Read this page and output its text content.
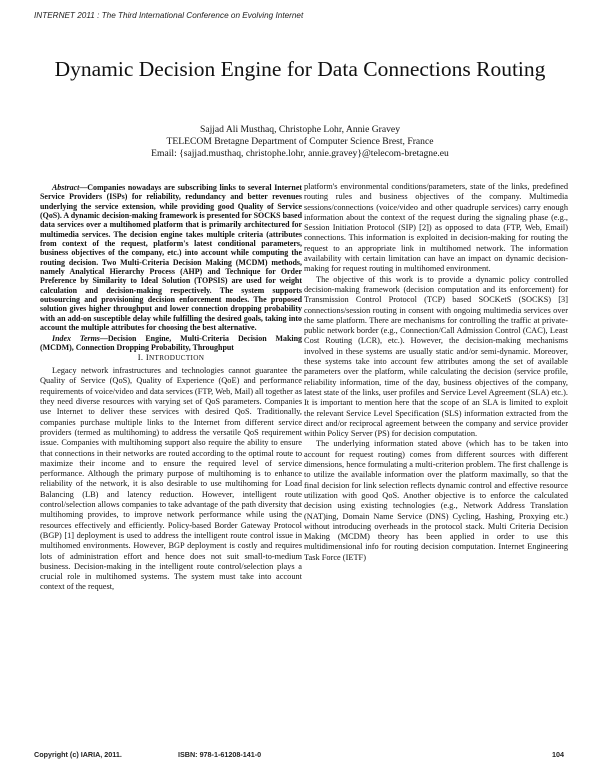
INTERNET 2011 : The Third International Conference on Evolving Internet
Dynamic Decision Engine for Data Connections Routing
Sajjad Ali Musthaq, Christophe Lohr, Annie Gravey
TELECOM Bretagne Department of Computer Science Brest, France
Email: {sajjad.musthaq, christophe.lohr, annie.gravey}@telecom-bretagne.eu

Abstract—Companies nowadays are subscribing links to several Internet Service Providers (ISPs) for reliability, redundancy and better revenues underlying the service extension, while providing good Quality of Service (QoS). A dynamic decision-making framework is presented for SOCKS based data services over a multihomed platform that is primarily architectured for multimedia services. The decision engine takes multiple criteria (attributes from context of the request, platform's latest conditional parameters, business objectives of the company, etc.) into account while computing the routing decision. Two Multi-Criteria Decision Making (MCDM) methods, namely Analytical Hierarchy Process (AHP) and Technique for Order Preference by Similarity to Ideal Solution (TOPSIS) are used for weight calculation and decision-making respectively. The system supports outsourcing and provisioning decision enforcement modes. The proposed solution gives higher throughput and lower connection dropping probability with an add-on susceptible delay while fulfilling the desired goals, taking into account the multiple attributes for choosing the best alternative.

Index Terms—Decision Engine, Multi-Criteria Decision Making (MCDM), Connection Dropping Probability, Throughput

I. INTRODUCTION

Legacy network infrastructures and technologies cannot guarantee the Quality of Service (QoS), Quality of Experience (QoE) and performance requirements of voice/video and data services (FTP, Web, Mail) all together as they need diverse resources with varying set of QoS parameters. Companies use Internet to deliver these services with desired QoS. Traditionally, companies purchase multiple links to the Internet from different service providers (termed as multihoming) to address the versatile QoS requirement issue. Companies with multihoming support also require the ability to ensure that connections in their networks are routed according to the optimal route to maximize their income and to ensure the required level of service performance. Although the primary purpose of multihoming is to enhance reliability of the network, it is also desirable to use multihoming for Load Balancing (LB) and latency reduction. However, intelligent route control/selection allows companies to take advantage of the path diversity that multihoming provides, to improve network performance while using the resources effectively and efficiently. Policy-based Border Gateway Protocol (BGP) [1] deployment is used to address the intelligent route control issue in multihomed environments. However, BGP deployment is costly and requires lots of administration effort and hence does not suit small-to-medium business. Decision-making in the intelligent route control/selection plays a crucial role in multihomed systems. The system must take into account context of the request,

platform's environmental conditions/parameters, state of the links, predefined routing rules and business objectives of the company. Multimedia sessions/connections (voice/video and other quadruple services) carry enough information about the context of the request during the signaling phase (e.g., Session Initiation Protocol (SIP) [2]) as opposed to data (FTP, Web, Email) connections. This information is exploited in decision-making for routing the request to an appropriate link in multihomed network. The information availability with certain limitation can have an impact on dynamic decision-making for request routing in multihomed environment.

The objective of this work is to provide a dynamic policy controlled decision-making framework (decision computation and its enforcement) for Transmission Control Protocol (TCP) based SOCKetS (SOCKS) [3] connections/session routing in consent with ongoing multimedia services over the same platform. There are mechanisms for controlling the traffic at private-public network border (e.g., Connection/Call Admission Control (CAC), Least Cost Routing (LCR), etc.). However, the decision-making mechanisms involved in these systems are usually static and/or semi-dynamic. Moreover, these systems take into account few attributes among the set of available parameters over the platform, while calculating the decision (service profile, reliability information, time of the day, business objectives of the company, latest state of the links, user profiles and Service Level Agreement (SLA) etc.). It is important to mention here that the scope of an SLA is limited to exploit the relevant Service Level Specification (SLS) information extracted from the direct and/or reciprocal agreement between the company and service provider within Policy Server (PS) for decision computation.

The underlying information stated above (which has to be taken into account for request routing) comes from different sources with different dimensions, hence formulating a multi-criterion problem. The first challenge is to utilize the available information over the platform maximally, so that the final decision for link selection reflects dynamic control and effective resource utilization with good QoS. Another objective is to enforce the calculated decision using existing technologies (e.g., Network Address Translation (NAT)ing, Domain Name Service (DNS) Cycling, Hashing, Proxying etc.) without introducing overheads in the protocol stack. Multi Criteria Decision Making (MCDM) theory has been applied in order to use this multidimensional info for routing decision computation. Internet Engineering Task Force (IETF)

Copyright (c) IARIA, 2011.	ISBN: 978-1-61208-141-0	104
